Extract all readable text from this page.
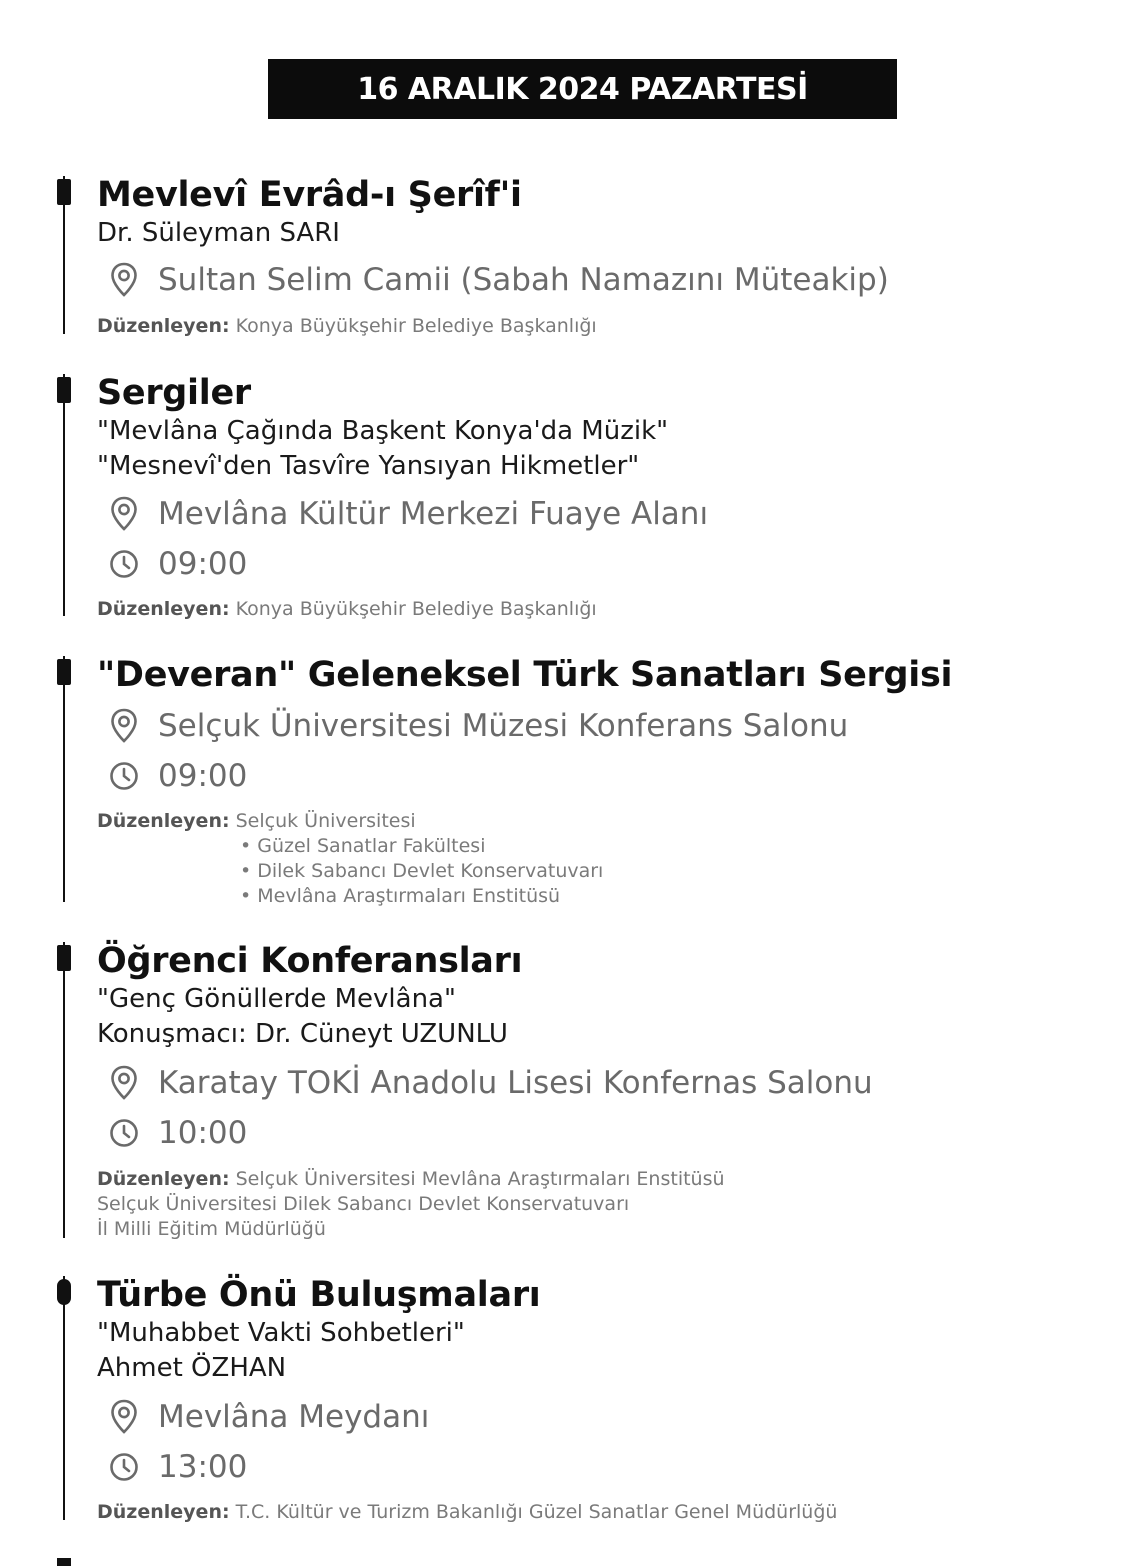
16 ARALIK 2024 PAZARTESİ
Mevlevî Evrâd-ı Şerîf'i
Dr. Süleyman SARI
Sultan Selim Camii (Sabah Namazını Müteakip)
Düzenleyen: Konya Büyükşehir Belediye Başkanlığı
Sergiler
"Mevlâna Çağında Başkent Konya'da Müzik"
"Mesnevî'den Tasvîre Yansıyan Hikmetler"
Mevlâna Kültür Merkezi Fuaye Alanı
09:00
Düzenleyen: Konya Büyükşehir Belediye Başkanlığı
"Deveran" Geleneksel Türk Sanatları Sergisi
Selçuk Üniversitesi Müzesi Konferans Salonu
09:00
Düzenleyen: Selçuk Üniversitesi
• Güzel Sanatlar Fakültesi
• Dilek Sabancı Devlet Konservatuvarı
• Mevlâna Araştırmaları Enstitüsü
Öğrenci Konferansları
"Genç Gönüllerde Mevlâna"
Konuşmacı: Dr. Cüneyt UZUNLU
Karatay TOKİ Anadolu Lisesi Konfernas Salonu
10:00
Düzenleyen: Selçuk Üniversitesi Mevlâna Araştırmaları Enstitüsü
Selçuk Üniversitesi Dilek Sabancı Devlet Konservatuvarı
İl Milli Eğitim Müdürlüğü
Türbe Önü Buluşmaları
"Muhabbet Vakti Sohbetleri"
Ahmet ÖZHAN
Mevlâna Meydanı
13:00
Düzenleyen: T.C. Kültür ve Turizm Bakanlığı Güzel Sanatlar Genel Müdürlüğü
